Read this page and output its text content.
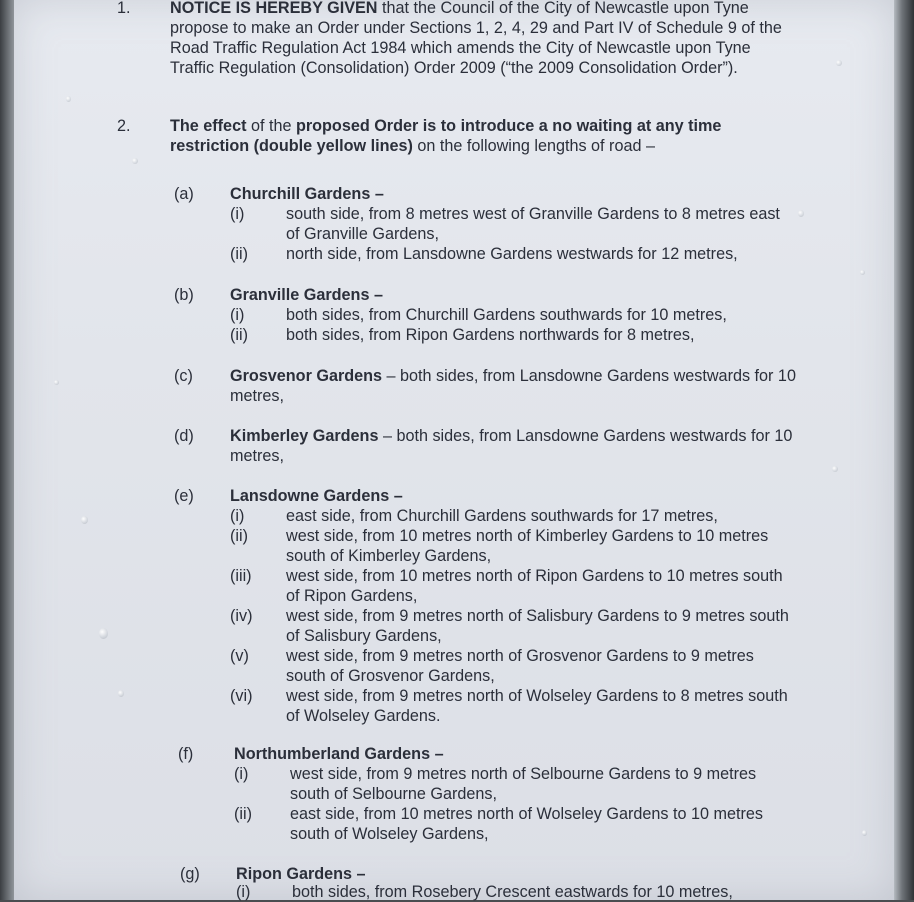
1. NOTICE IS HEREBY GIVEN that the Council of the City of Newcastle upon Tyne propose to make an Order under Sections 1, 2, 4, 29 and Part IV of Schedule 9 of the Road Traffic Regulation Act 1984 which amends the City of Newcastle upon Tyne Traffic Regulation (Consolidation) Order 2009 (“the 2009 Consolidation Order”).
2. The effect of the proposed Order is to introduce a no waiting at any time restriction (double yellow lines) on the following lengths of road –
(a) Churchill Gardens –
(i)	south side, from 8 metres west of Granville Gardens to 8 metres east of Granville Gardens,
(ii) north side, from Lansdowne Gardens westwards for 12 metres,
(b) Granville Gardens –
(i)	both sides, from Churchill Gardens southwards for 10 metres,
(ii) both sides, from Ripon Gardens northwards for 8 metres,
(c) Grosvenor Gardens – both sides, from Lansdowne Gardens westwards for 10 metres,
(d) Kimberley Gardens – both sides, from Lansdowne Gardens westwards for 10 metres,
(e) Lansdowne Gardens –
(i)	east side, from Churchill Gardens southwards for 17 metres,
(ii) west side, from 10 metres north of Kimberley Gardens to 10 metres south of Kimberley Gardens,
(iii) west side, from 10 metres north of Ripon Gardens to 10 metres south of Ripon Gardens,
(iv) west side, from 9 metres north of Salisbury Gardens to 9 metres south of Salisbury Gardens,
(v) west side, from 9 metres north of Grosvenor Gardens to 9 metres south of Grosvenor Gardens,
(vi) west side, from 9 metres north of Wolseley Gardens to 8 metres south of Wolseley Gardens.
(f)	Northumberland Gardens –
(i)	west side, from 9 metres north of Selbourne Gardens to 9 metres south of Selbourne Gardens,
(ii) east side, from 10 metres north of Wolseley Gardens to 10 metres south of Wolseley Gardens,
(g) Ripon Gardens –
(i)	both sides, from Rosebery Crescent eastwards for 10 metres,
